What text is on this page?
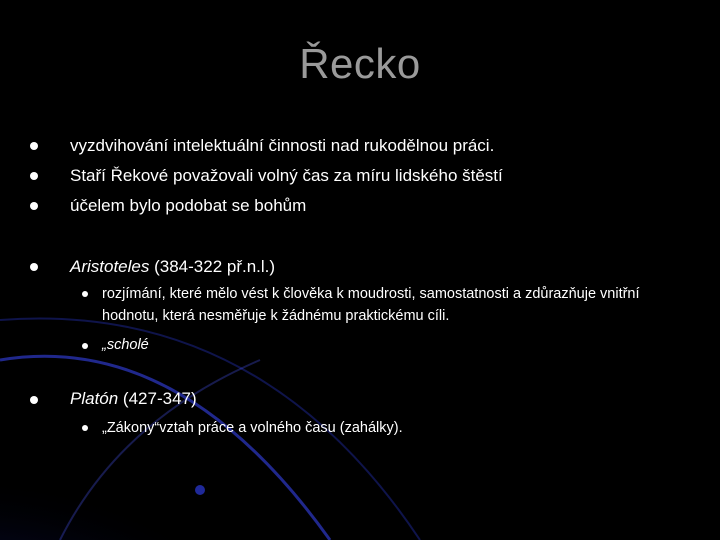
Řecko
vyzdvihování intelektuální činnosti nad rukodělnou práci.
Staří Řekové považovali volný čas za míru lidského štěstí
účelem bylo podobat se bohům
Aristoteles (384-322 př.n.l.)
rozjímání, které mělo vést k člověka k moudrosti, samostatnosti a zdůrazňuje vnitřní hodnotu, která nesměřuje k žádnému praktickému cíli.
„scholé
Platón (427-347)
„Zákony“vztah práce a volného času (zahálky).
